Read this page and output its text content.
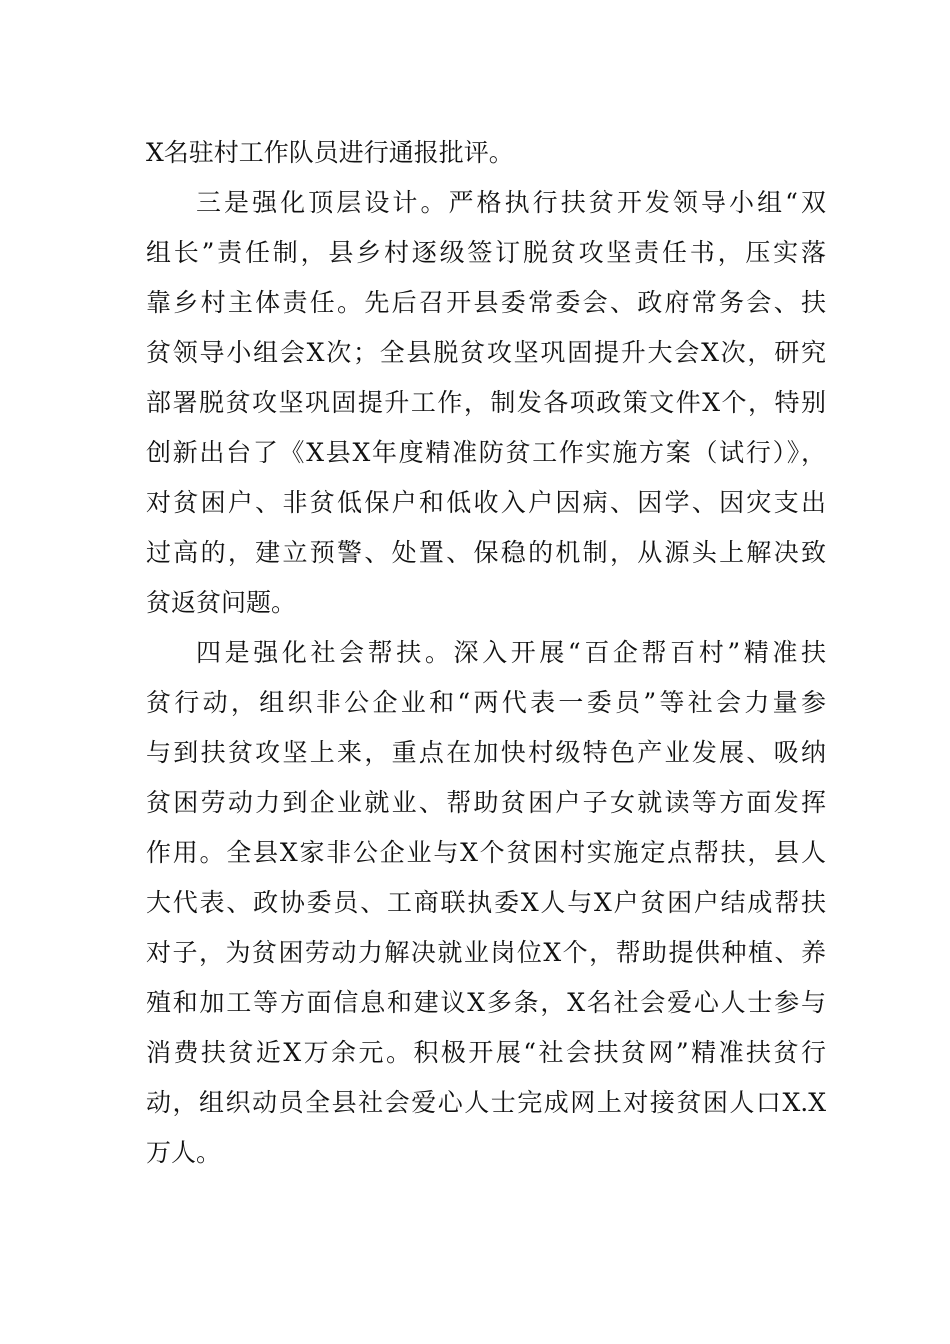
X名驻村工作队员进行通报批评。
三是强化顶层设计。严格执行扶贫开发领导小组“双
组长”责任制，县乡村逐级签订脱贫攻坚责任书，压实落
靠乡村主体责任。先后召开县委常委会、政府常务会、扶
贫领导小组会X次；全县脱贫攻坚巩固提升大会X次，研究
部署脱贫攻坚巩固提升工作，制发各项政策文件X个，特别
创新出台了《X县X年度精准防贫工作实施方案（试行）》，
对贫困户、非贫低保户和低收入户因病、因学、因灾支出
过高的，建立预警、处置、保稳的机制，从源头上解决致
贫返贫问题。
四是强化社会帮扶。深入开展“百企帮百村”精准扶
贫行动，组织非公企业和“两代表一委员”等社会力量参
与到扶贫攻坚上来，重点在加快村级特色产业发展、吸纳
贫困劳动力到企业就业、帮助贫困户子女就读等方面发挥
作用。全县X家非公企业与X个贫困村实施定点帮扶，县人
大代表、政协委员、工商联执委X人与X户贫困户结成帮扶
对子，为贫困劳动力解决就业岗位X个，帮助提供种植、养
殖和加工等方面信息和建议X多条，X名社会爱心人士参与
消费扶贫近X万余元。积极开展“社会扶贫网”精准扶贫行
动，组织动员全县社会爱心人士完成网上对接贫困人口X.X
万人。
